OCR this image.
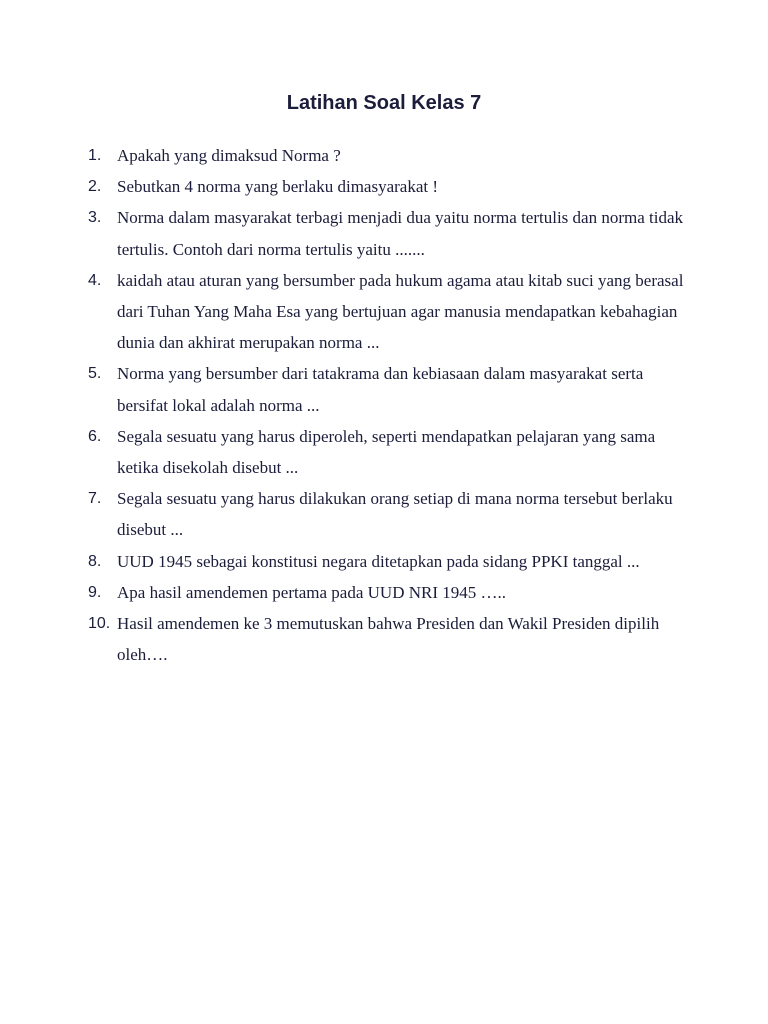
Latihan Soal Kelas 7
1. Apakah yang dimaksud Norma ?
2. Sebutkan 4 norma yang berlaku dimasyarakat !
3. Norma dalam masyarakat terbagi menjadi dua yaitu norma tertulis dan norma tidak tertulis. Contoh dari norma tertulis yaitu .......
4. kaidah atau aturan yang bersumber pada hukum agama atau kitab suci yang berasal dari Tuhan Yang Maha Esa yang bertujuan agar manusia mendapatkan kebahagian dunia dan akhirat merupakan norma ...
5. Norma yang bersumber dari tatakrama dan kebiasaan dalam masyarakat serta bersifat lokal adalah norma ...
6. Segala sesuatu yang harus diperoleh, seperti mendapatkan pelajaran yang sama ketika disekolah disebut ...
7. Segala sesuatu yang harus dilakukan orang setiap di mana norma tersebut berlaku disebut ...
8. UUD 1945 sebagai konstitusi negara ditetapkan pada sidang PPKI tanggal ...
9. Apa hasil amendemen pertama pada UUD NRI 1945 …..
10. Hasil amendemen ke 3 memutuskan bahwa Presiden dan Wakil Presiden dipilih oleh….
